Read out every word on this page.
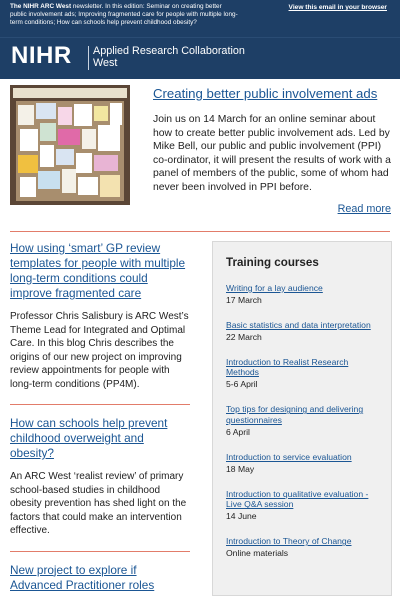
The NIHR ARC West newsletter. In this edition: Seminar on creating better public involvement ads; Improving fragmented care for people with multiple long-term conditions; How can schools help prevent childhood obesity?
View this email in your browser
NIHR Applied Research Collaboration
West
Creating better public involvement ads

Join us on 14 March for an online seminar about how to create better public involvement ads. Led by Mike Bell, our public and public involvement (PPI) co-ordinator, it will present the results of work with a panel of members of the public, some of whom had never been involved in PPI before.

Read more
How using ‘smart’ GP review templates for people with multiple long-term conditions could improve fragmented care

Professor Chris Salisbury is ARC West’s Theme Lead for Integrated and Optimal Care. In this blog Chris describes the origins of our new project on improving review appointments for people with long-term conditions (PP4M).

How can schools help prevent childhood overweight and obesity?

An ARC West ‘realist review’ of primary school-based studies in childhood obesity prevention has shed light on the factors that could make an intervention effective.

New project to explore if Advanced Practitioner roles
Training courses
Writing for a lay audience
17 March
Basic statistics and data interpretation
22 March
Introduction to Realist Research Methods
5-6 April
Top tips for designing and delivering questionnaires
6 April
Introduction to service evaluation
18 May
Introduction to qualitative evaluation - Live Q&A session
14 June
Introduction to Theory of Change
Online materials
